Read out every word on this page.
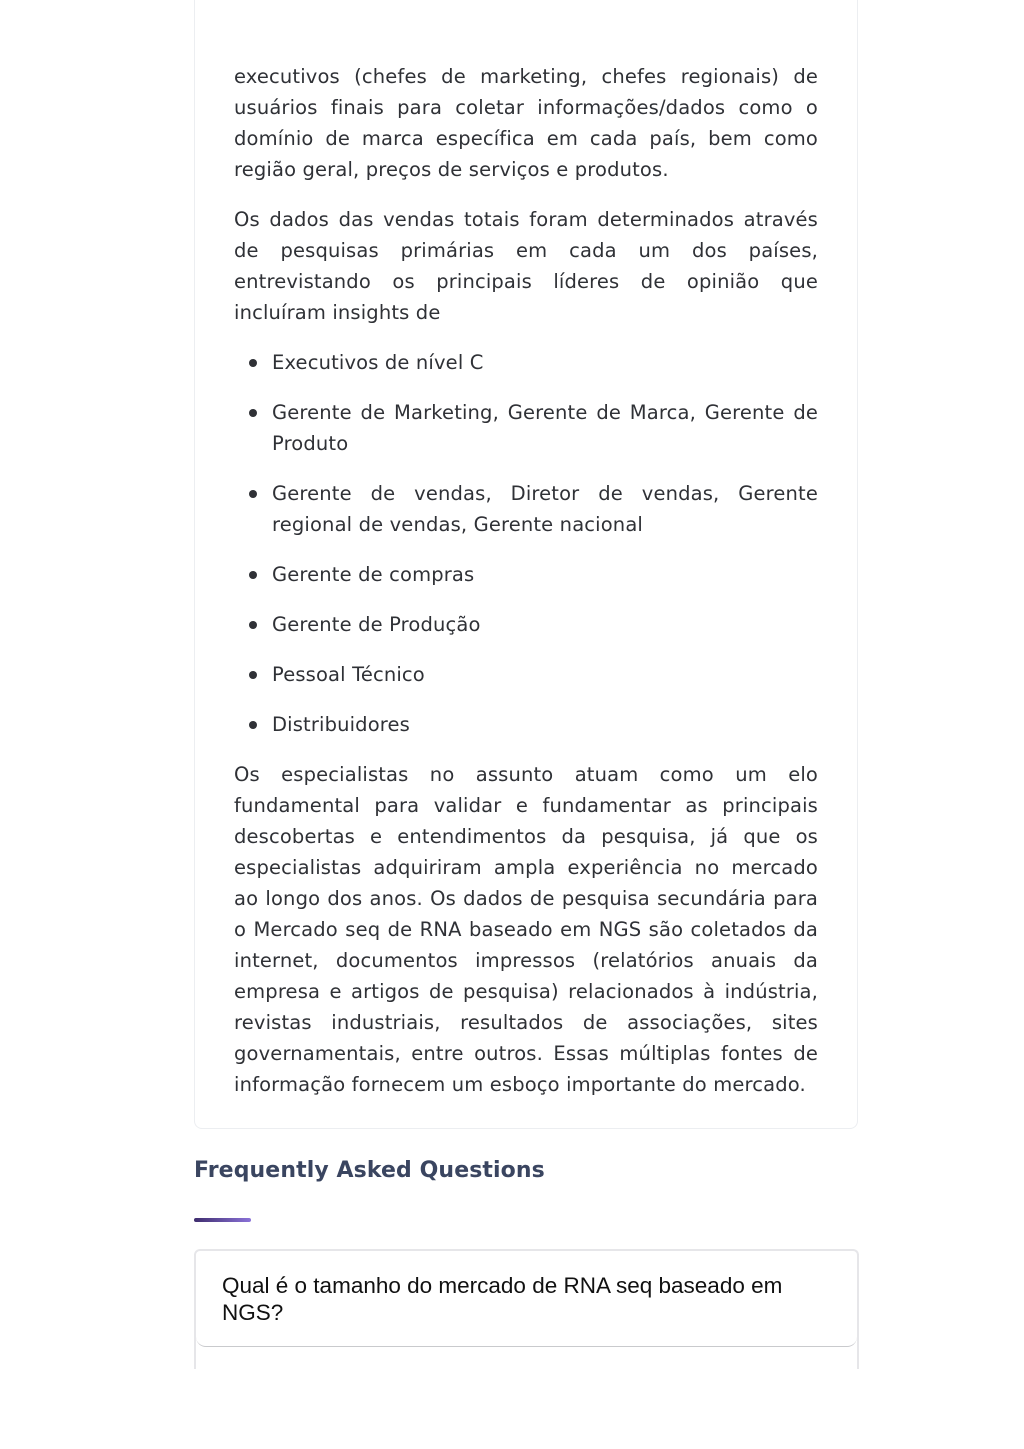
executivos (chefes de marketing, chefes regionais) de usuários finais para coletar informações/dados como o domínio de marca específica em cada país, bem como região geral, preços de serviços e produtos.

Os dados das vendas totais foram determinados através de pesquisas primárias em cada um dos países, entrevistando os principais líderes de opinião que incluíram insights de

Executivos de nível C
Gerente de Marketing, Gerente de Marca, Gerente de Produto
Gerente de vendas, Diretor de vendas, Gerente regional de vendas, Gerente nacional
Gerente de compras
Gerente de Produção
Pessoal Técnico
Distribuidores

Os especialistas no assunto atuam como um elo fundamental para validar e fundamentar as principais descobertas e entendimentos da pesquisa, já que os especialistas adquiriram ampla experiência no mercado ao longo dos anos. Os dados de pesquisa secundária para o Mercado seq de RNA baseado em NGS são coletados da internet, documentos impressos (relatórios anuais da empresa e artigos de pesquisa) relacionados à indústria, revistas industriais, resultados de associações, sites governamentais, entre outros. Essas múltiplas fontes de informação fornecem um esboço importante do mercado.

Frequently Asked Questions
Qual é o tamanho do mercado de RNA seq baseado em NGS?
